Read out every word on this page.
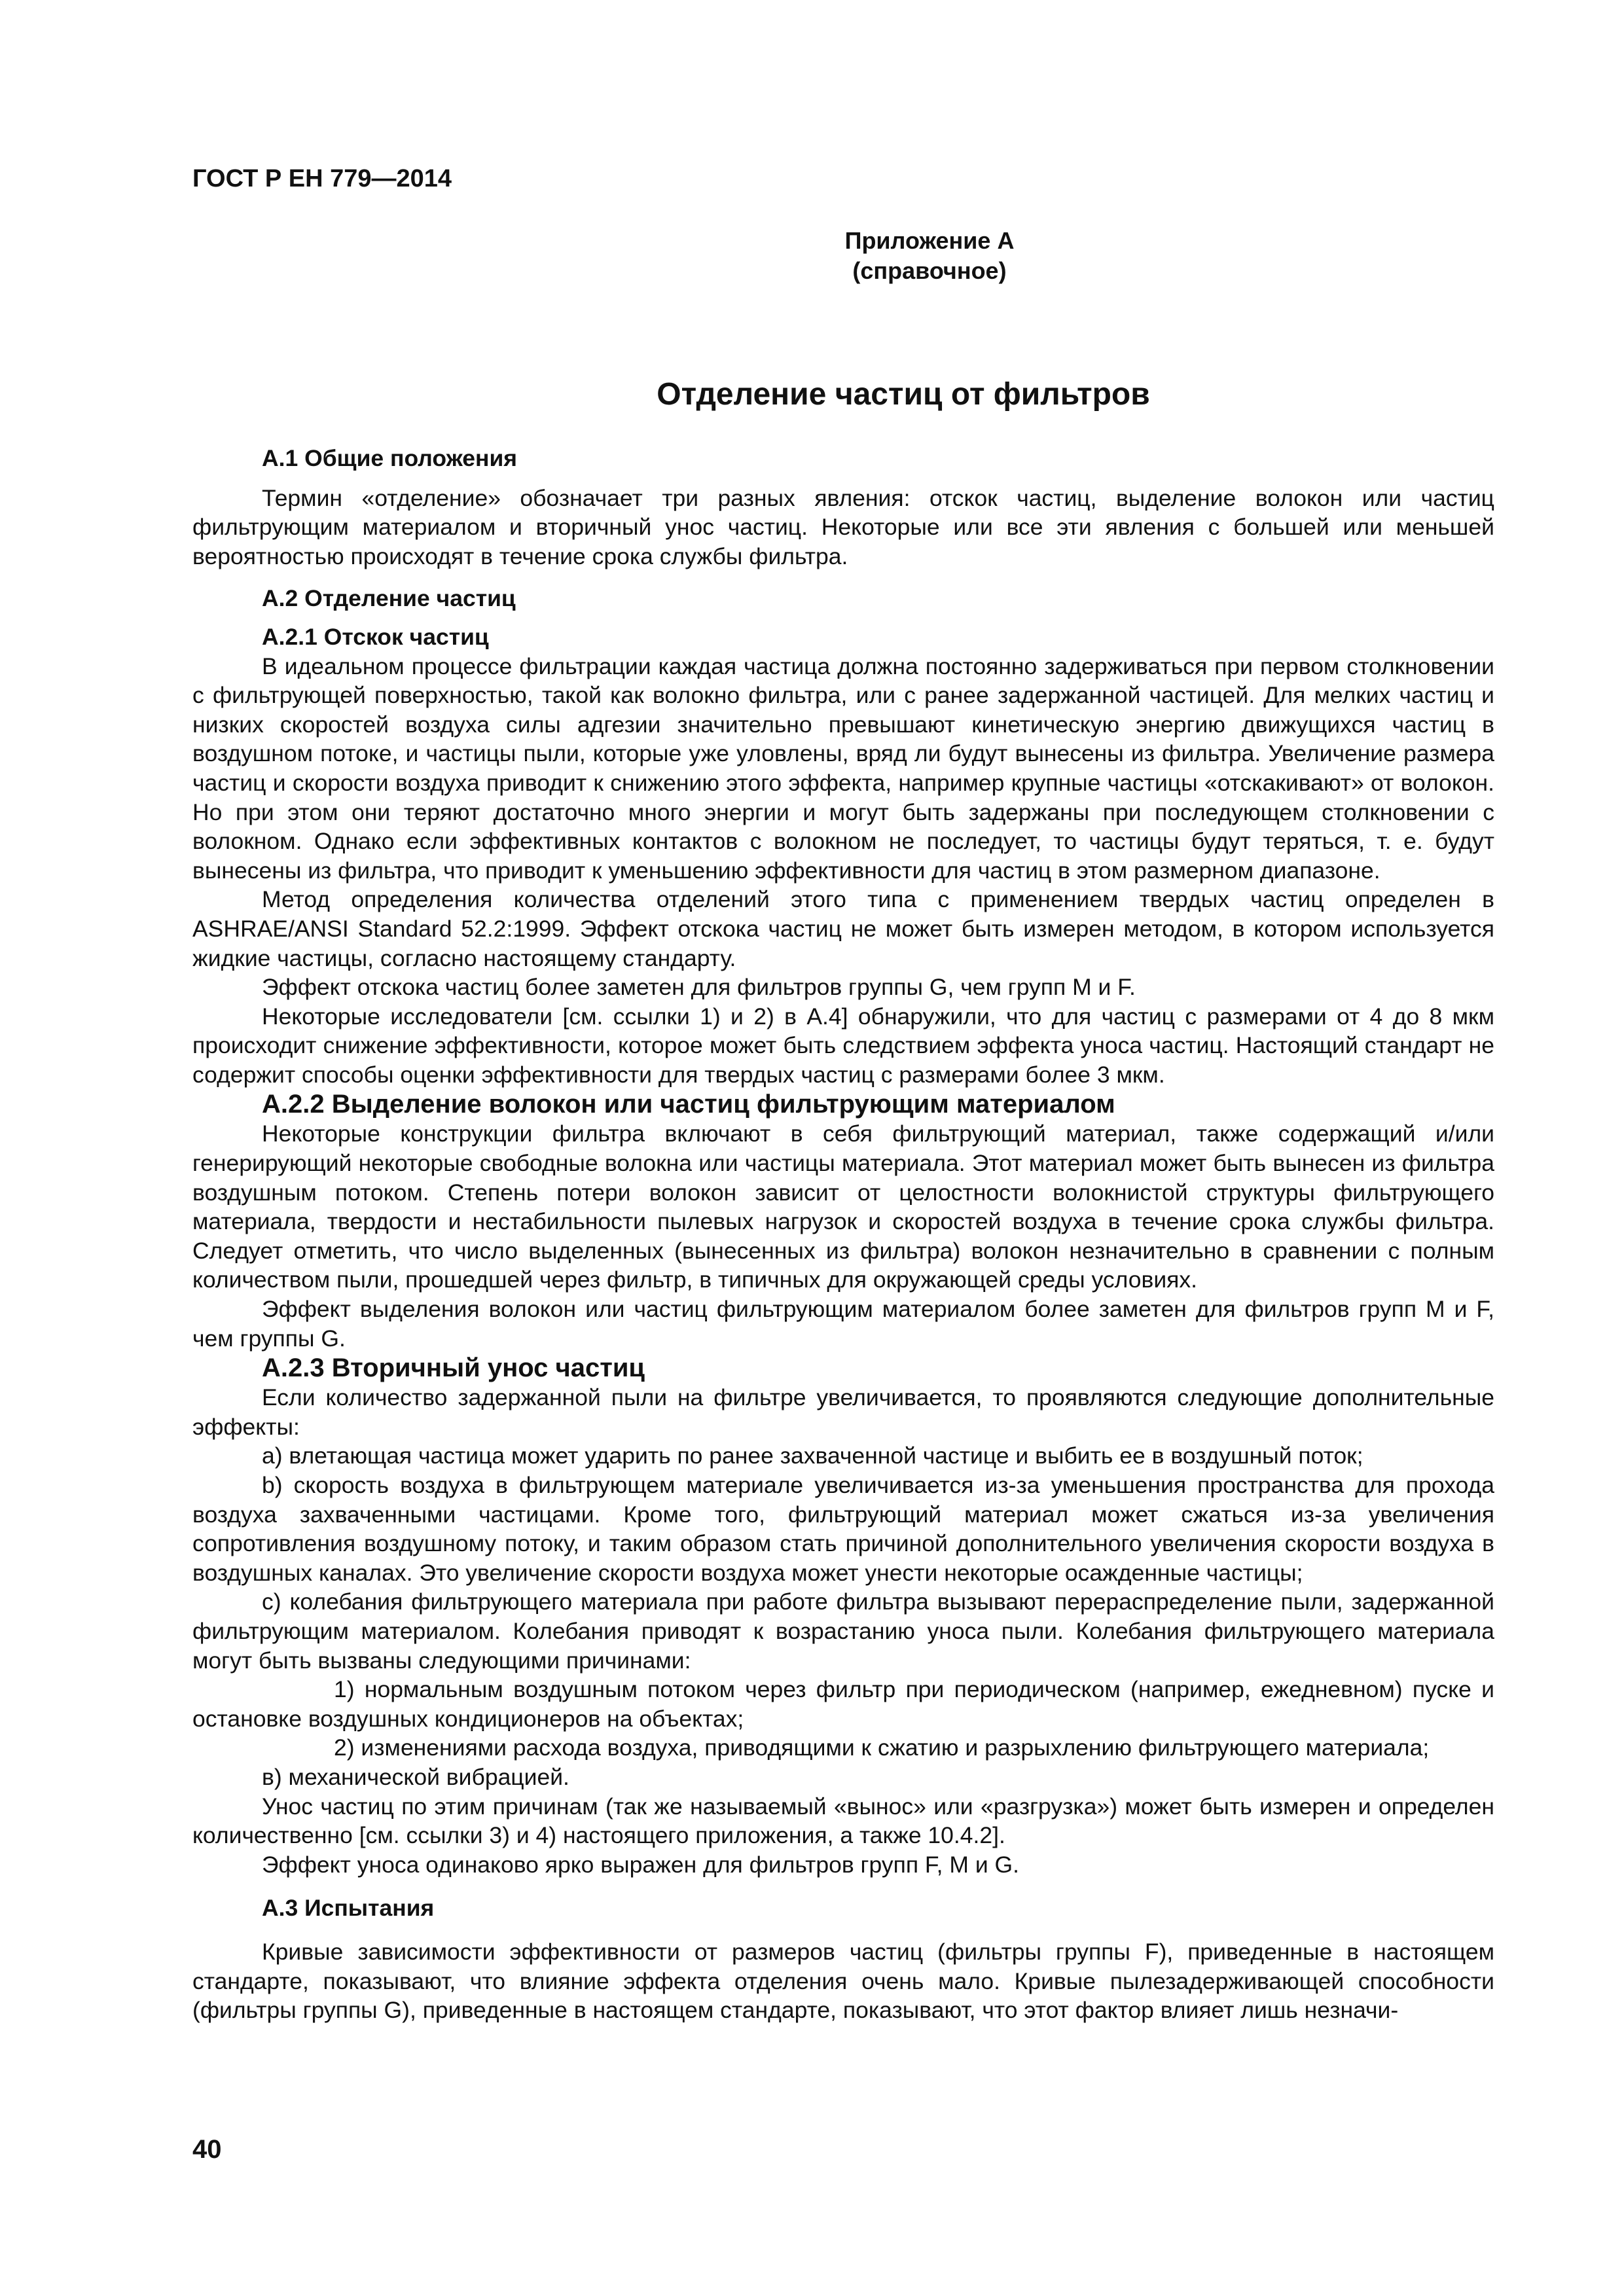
ГОСТ Р ЕН 779—2014

Приложение А
(справочное)
Отделение частиц от фильтров
А.1 Общие положения

Термин «отделение» обозначает три разных явления: отскок частиц, выделение волокон или частиц фильтрующим материалом и вторичный унос частиц. Некоторые или все эти явления с большей или меньшей вероятностью происходят в течение срока службы фильтра.

А.2 Отделение частиц
А.2.1 Отскок частиц

В идеальном процессе фильтрации каждая частица должна постоянно задерживаться при первом столкновении с фильтрующей поверхностью, такой как волокно фильтра, или с ранее задержанной частицей. Для мелких частиц и низких скоростей воздуха силы адгезии значительно превышают кинетическую энергию движущихся частиц в воздушном потоке, и частицы пыли, которые уже уловлены, вряд ли будут вынесены из фильтра. Увеличение размера частиц и скорости воздуха приводит к снижению этого эффекта, например крупные частицы «отскакивают» от волокон. Но при этом они теряют достаточно много энергии и могут быть задержаны при последующем столкновении с волокном. Однако если эффективных контактов с волокном не последует, то частицы будут теряться, т. е. будут вынесены из фильтра, что приводит к уменьшению эффективности для частиц в этом размерном диапазоне.

Метод определения количества отделений этого типа с применением твердых частиц определен в ASHRAE/ANSI Standard 52.2:1999. Эффект отскока частиц не может быть измерен методом, в котором используется жидкие частицы, согласно настоящему стандарту.

Эффект отскока частиц более заметен для фильтров группы G, чем групп М и F.

Некоторые исследователи [см. ссылки 1) и 2) в А.4] обнаружили, что для частиц с размерами от 4 до 8 мкм происходит снижение эффективности, которое может быть следствием эффекта уноса частиц. Настоящий стандарт не содержит способы оценки эффективности для твердых частиц с размерами более 3 мкм.

А.2.2 Выделение волокон или частиц фильтрующим материалом

Некоторые конструкции фильтра включают в себя фильтрующий материал, также содержащий и/или генерирующий некоторые свободные волокна или частицы материала. Этот материал может быть вынесен из фильтра воздушным потоком. Степень потери волокон зависит от целостности волокнистой структуры фильтрующего материала, твердости и нестабильности пылевых нагрузок и скоростей воздуха в течение срока службы фильтра. Следует отметить, что число выделенных (вынесенных из фильтра) волокон незначительно в сравнении с полным количеством пыли, прошедшей через фильтр, в типичных для окружающей среды условиях.

Эффект выделения волокон или частиц фильтрующим материалом более заметен для фильтров групп М и F, чем группы G.

А.2.3 Вторичный унос частиц

Если количество задержанной пыли на фильтре увеличивается, то проявляются следующие дополнительные эффекты:

а) влетающая частица может ударить по ранее захваченной частице и выбить ее в воздушный поток;

b) скорость воздуха в фильтрующем материале увеличивается из-за уменьшения пространства для прохода воздуха захваченными частицами. Кроме того, фильтрующий материал может сжаться из-за увеличения сопротивления воздушному потоку, и таким образом стать причиной дополнительного увеличения скорости воздуха в воздушных каналах. Это увеличение скорости воздуха может унести некоторые осажденные частицы;

с) колебания фильтрующего материала при работе фильтра вызывают перераспределение пыли, задержанной фильтрующим материалом. Колебания приводят к возрастанию уноса пыли. Колебания фильтрующего материала могут быть вызваны следующими причинами:

1) нормальным воздушным потоком через фильтр при периодическом (например, ежедневном) пуске и остановке воздушных кондиционеров на объектах;

2) изменениями расхода воздуха, приводящими к сжатию и разрыхлению фильтрующего материала;

в) механической вибрацией.

Унос частиц по этим причинам (так же называемый «вынос» или «разгрузка») может быть измерен и определен количественно [см. ссылки 3) и 4) настоящего приложения, а также 10.4.2].

Эффект уноса одинаково ярко выражен для фильтров групп F, М и G.

А.3 Испытания

Кривые зависимости эффективности от размеров частиц (фильтры группы F), приведенные в настоящем стандарте, показывают, что влияние эффекта отделения очень мало. Кривые пылезадерживающей способности (фильтры группы G), приведенные в настоящем стандарте, показывают, что этот фактор влияет лишь незначи-

40
